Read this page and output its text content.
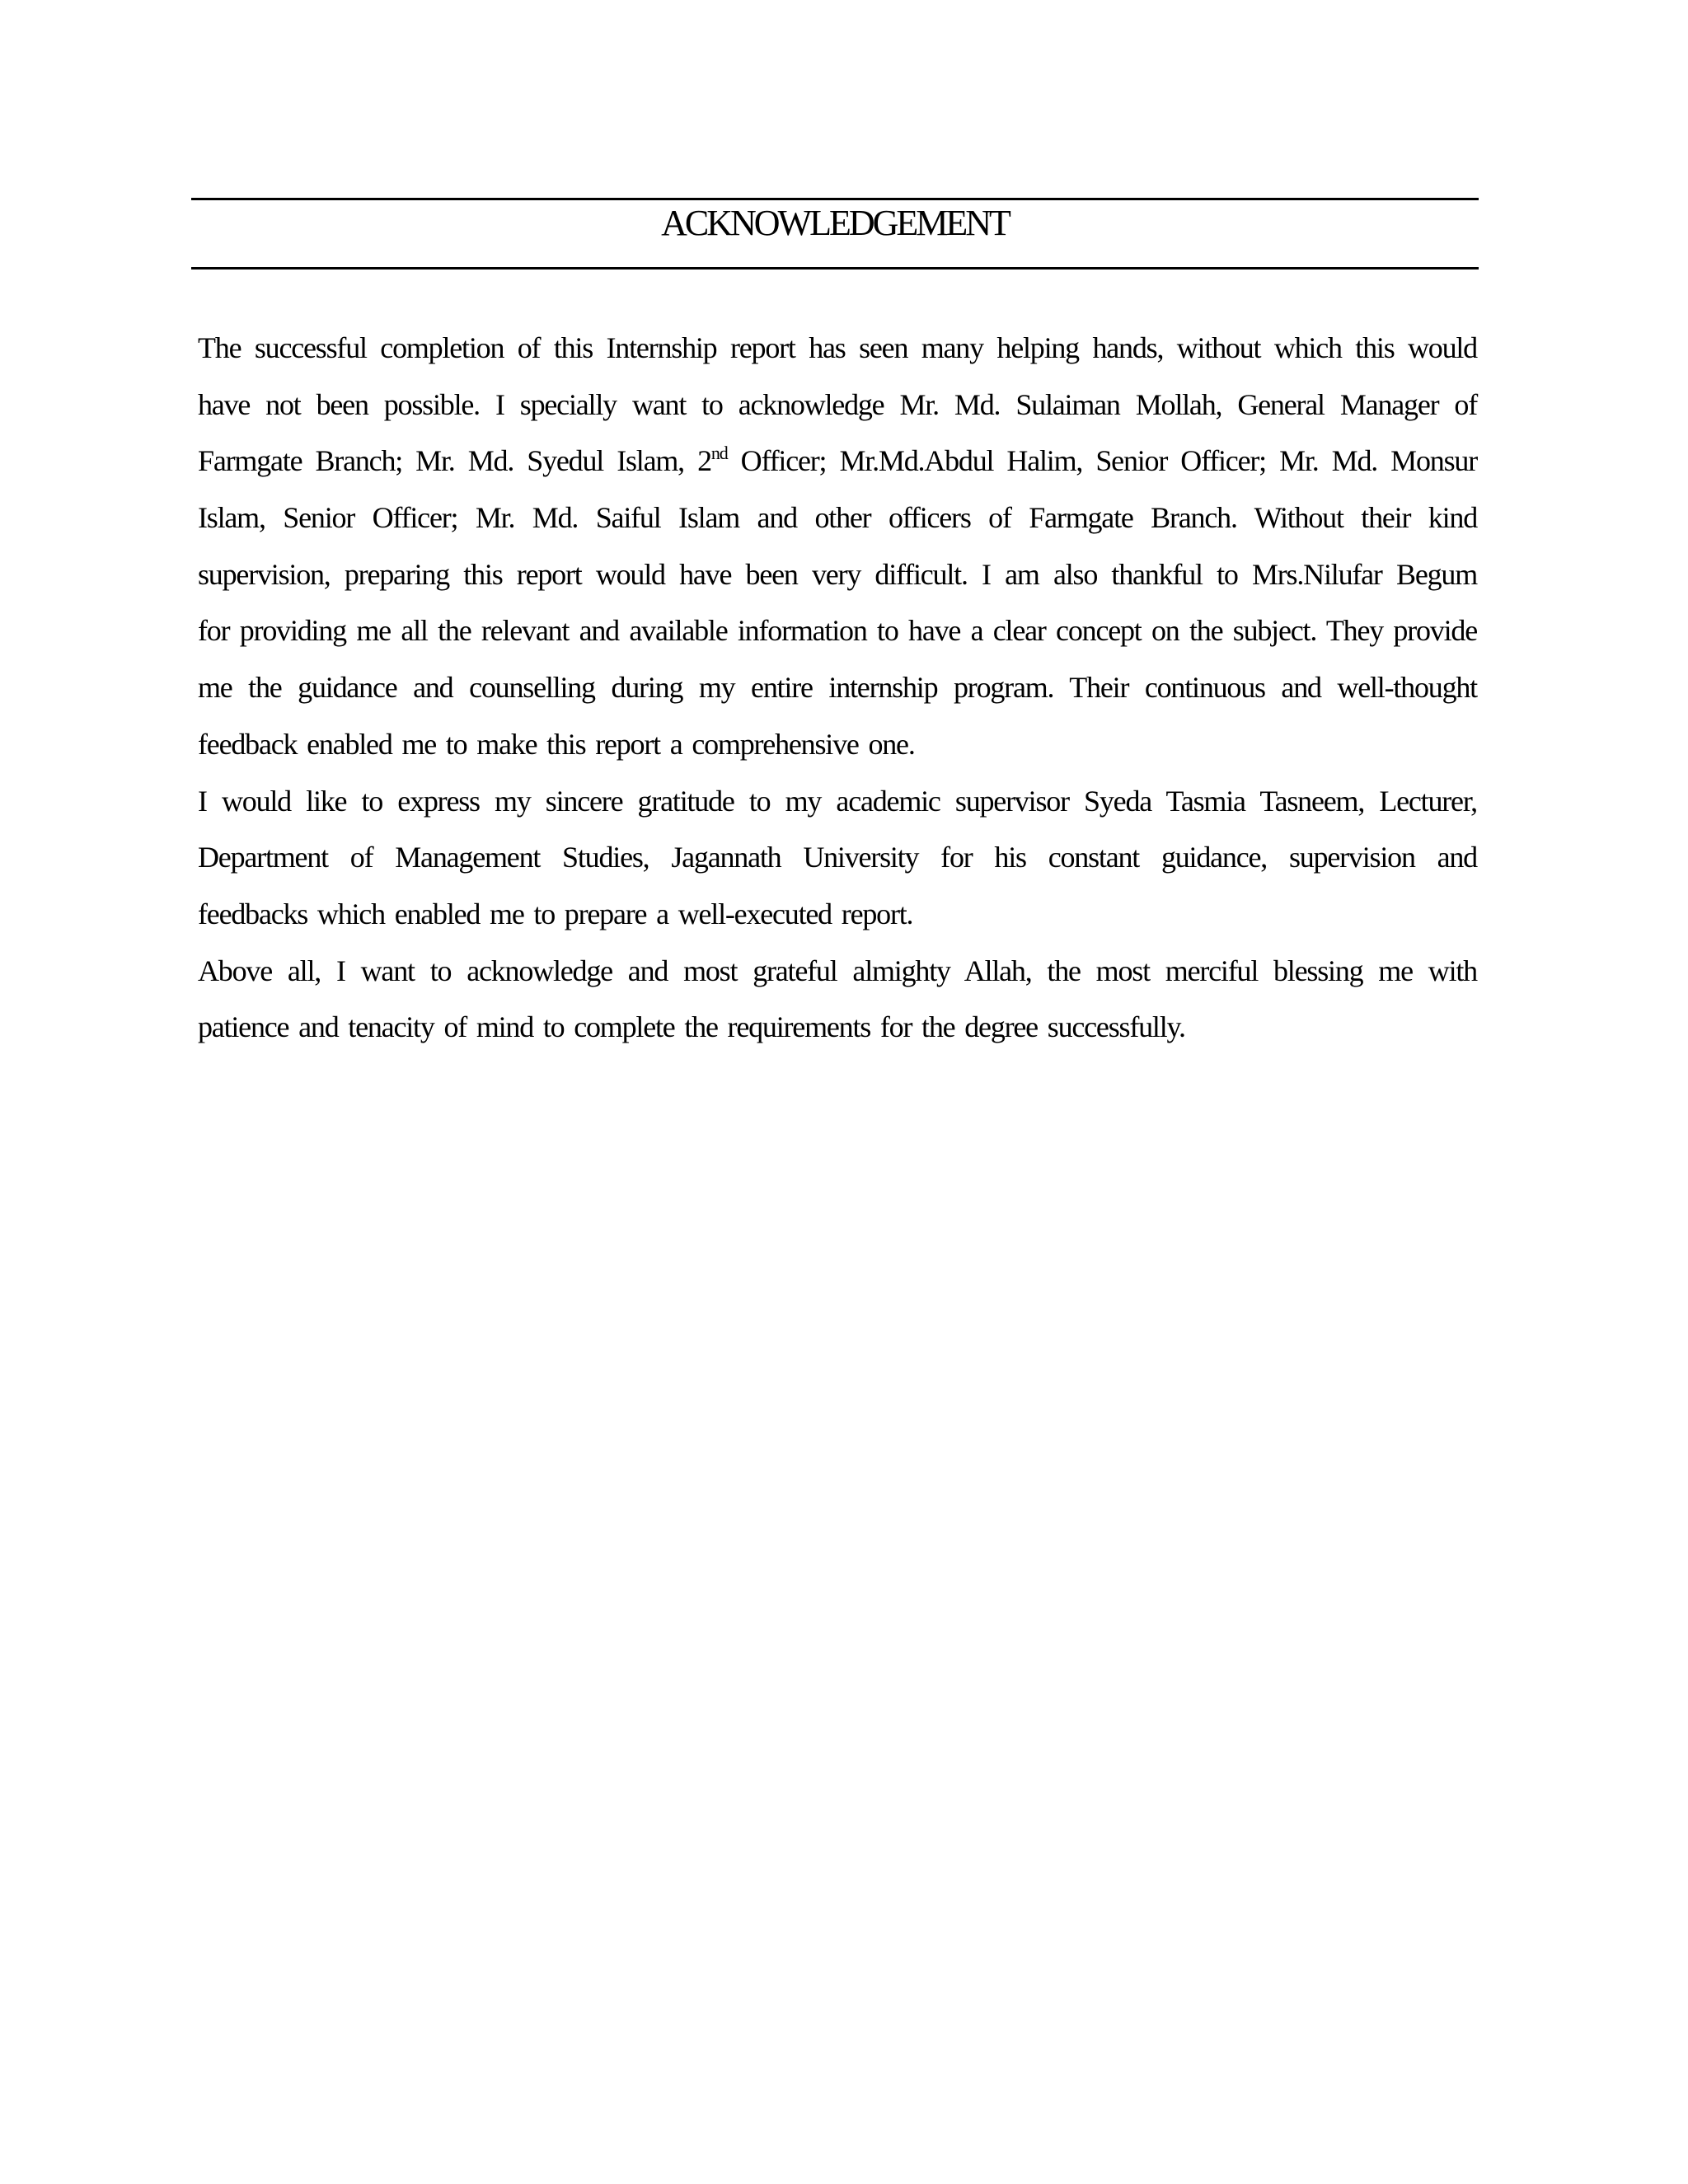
ACKNOWLEDGEMENT
The successful completion of this Internship report has seen many helping hands, without which this would
have not been possible. I specially want to acknowledge Mr. Md. Sulaiman Mollah, General Manager of
Farmgate Branch; Mr. Md. Syedul Islam, 2nd Officer; Mr.Md.Abdul Halim, Senior Officer; Mr. Md. Monsur
Islam, Senior Officer; Mr. Md. Saiful Islam and other officers of Farmgate Branch. Without their kind
supervision, preparing this report would have been very difficult. I am also thankful to Mrs.Nilufar Begum
for providing me all the relevant and available information to have a clear concept on the subject. They provide
me the guidance and counselling during my entire internship program. Their continuous and well-thought
feedback enabled me to make this report a comprehensive one.
I would like to express my sincere gratitude to my academic supervisor Syeda Tasmia Tasneem, Lecturer,
Department of Management Studies, Jagannath University for his constant guidance, supervision and
feedbacks which enabled me to prepare a well-executed report.
Above all, I want to acknowledge and most grateful almighty Allah, the most merciful blessing me with
patience and tenacity of mind to complete the requirements for the degree successfully.
